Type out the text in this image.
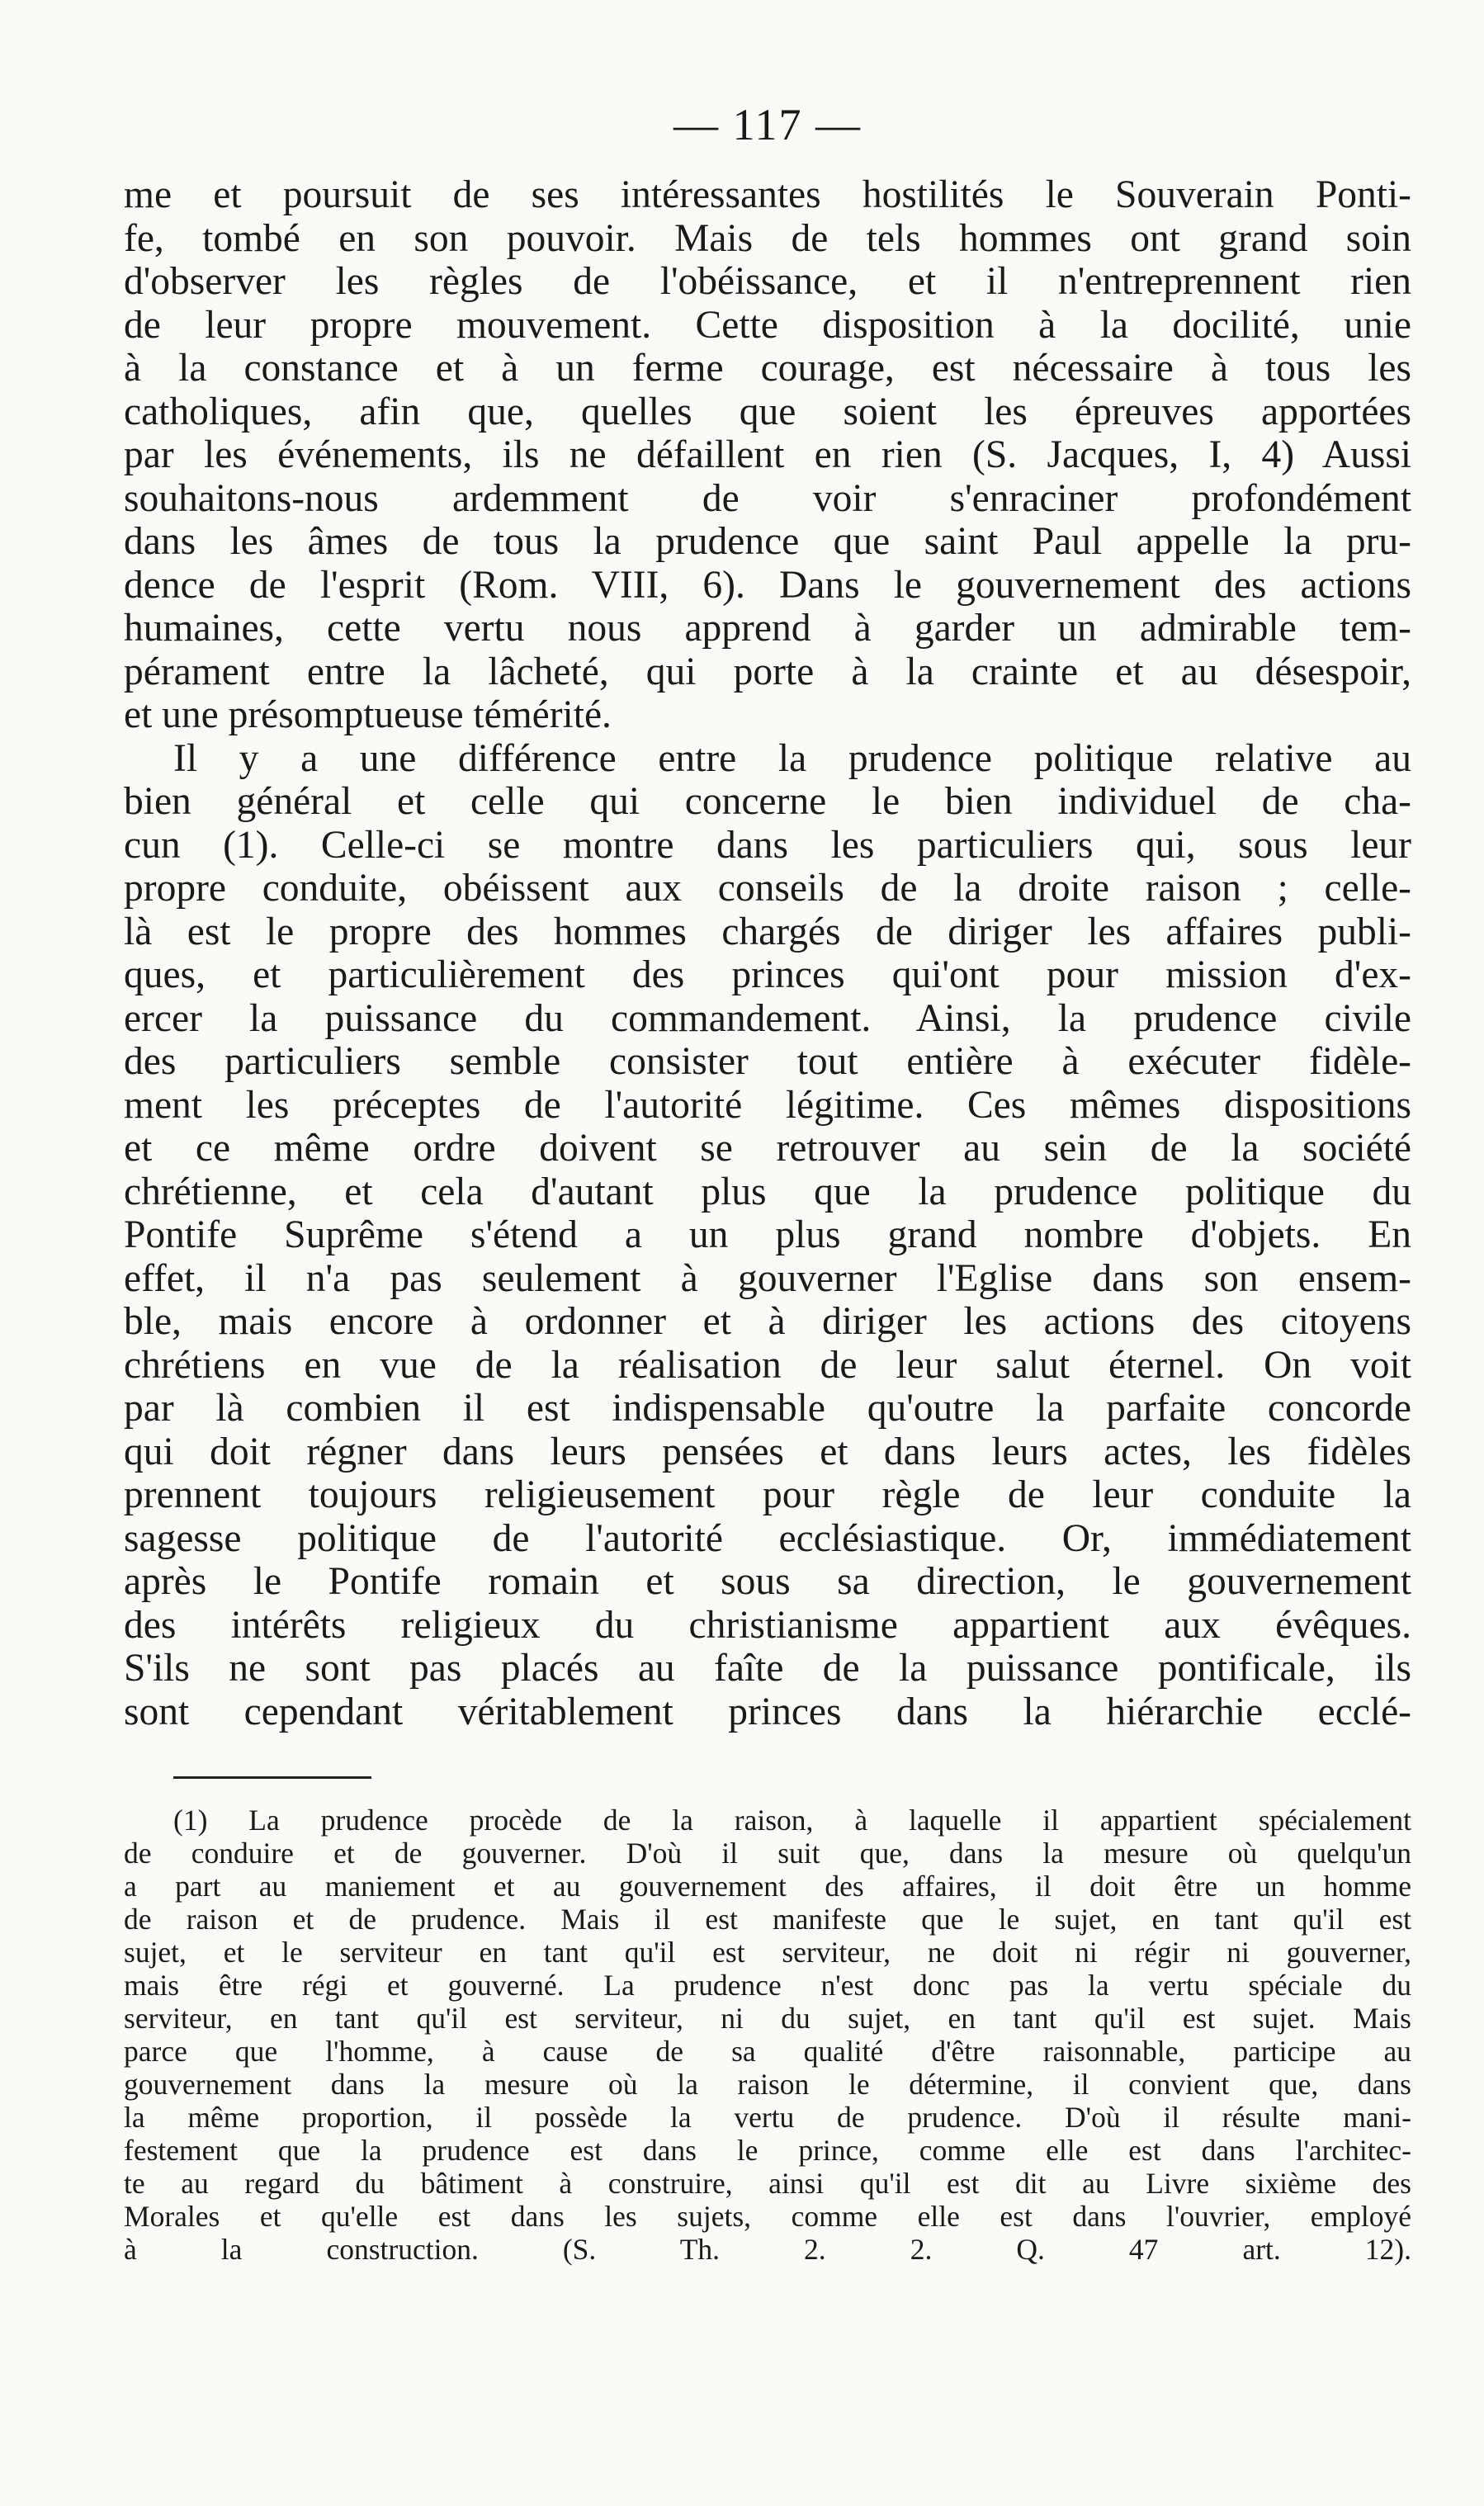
— 117 —
me et poursuit de ses intéressantes hostilités le Souverain Ponti-
fe, tombé en son pouvoir. Mais de tels hommes ont grand soin
d'observer les règles de l'obéissance, et il n'entreprennent rien
de leur propre mouvement. Cette disposition à la docilité, unie
à la constance et à un ferme courage, est nécessaire à tous les
catholiques, afin que, quelles que soient les épreuves apportées
par les événements, ils ne défaillent en rien (S. Jacques, I, 4) Aussi
souhaitons-nous ardemment de voir s'enraciner profondément
dans les âmes de tous la prudence que saint Paul appelle la pru-
dence de l'esprit (Rom. VIII, 6). Dans le gouvernement des actions
humaines, cette vertu nous apprend à garder un admirable tem-
pérament entre la lâcheté, qui porte à la crainte et au désespoir,
et une présomptueuse témérité.
Il y a une différence entre la prudence politique relative au
bien général et celle qui concerne le bien individuel de cha-
cun (1). Celle-ci se montre dans les particuliers qui, sous leur
propre conduite, obéissent aux conseils de la droite raison ; celle-
là est le propre des hommes chargés de diriger les affaires publi-
ques, et particulièrement des princes qui'ont pour mission d'ex-
ercer la puissance du commandement. Ainsi, la prudence civile
des particuliers semble consister tout entière à exécuter fidèle-
ment les préceptes de l'autorité légitime. Ces mêmes dispositions
et ce même ordre doivent se retrouver au sein de la société
chrétienne, et cela d'autant plus que la prudence politique du
Pontife Suprême s'étend a un plus grand nombre d'objets. En
effet, il n'a pas seulement à gouverner l'Eglise dans son ensem-
ble, mais encore à ordonner et à diriger les actions des citoyens
chrétiens en vue de la réalisation de leur salut éternel. On voit
par là combien il est indispensable qu'outre la parfaite concorde
qui doit régner dans leurs pensées et dans leurs actes, les fidèles
prennent toujours religieusement pour règle de leur conduite la
sagesse politique de l'autorité ecclésiastique. Or, immédiatement
après le Pontife romain et sous sa direction, le gouvernement
des intérêts religieux du christianisme appartient aux évêques.
S'ils ne sont pas placés au faîte de la puissance pontificale, ils
sont cependant véritablement princes dans la hiérarchie ecclé-
(1) La prudence procède de la raison, à laquelle il appartient spécialement
de conduire et de gouverner. D'où il suit que, dans la mesure où quelqu'un
a part au maniement et au gouvernement des affaires, il doit être un homme
de raison et de prudence. Mais il est manifeste que le sujet, en tant qu'il est
sujet, et le serviteur en tant qu'il est serviteur, ne doit ni régir ni gouverner,
mais être régi et gouverné. La prudence n'est donc pas la vertu spéciale du
serviteur, en tant qu'il est serviteur, ni du sujet, en tant qu'il est sujet. Mais
parce que l'homme, à cause de sa qualité d'être raisonnable, participe au
gouvernement dans la mesure où la raison le détermine, il convient que, dans
la même proportion, il possède la vertu de prudence. D'où il résulte mani-
festement que la prudence est dans le prince, comme elle est dans l'architec-
te au regard du bâtiment à construire, ainsi qu'il est dit au Livre sixième des
Morales et qu'elle est dans les sujets, comme elle est dans l'ouvrier, employé
à la construction. (S. Th. 2. 2. Q. 47 art. 12).
